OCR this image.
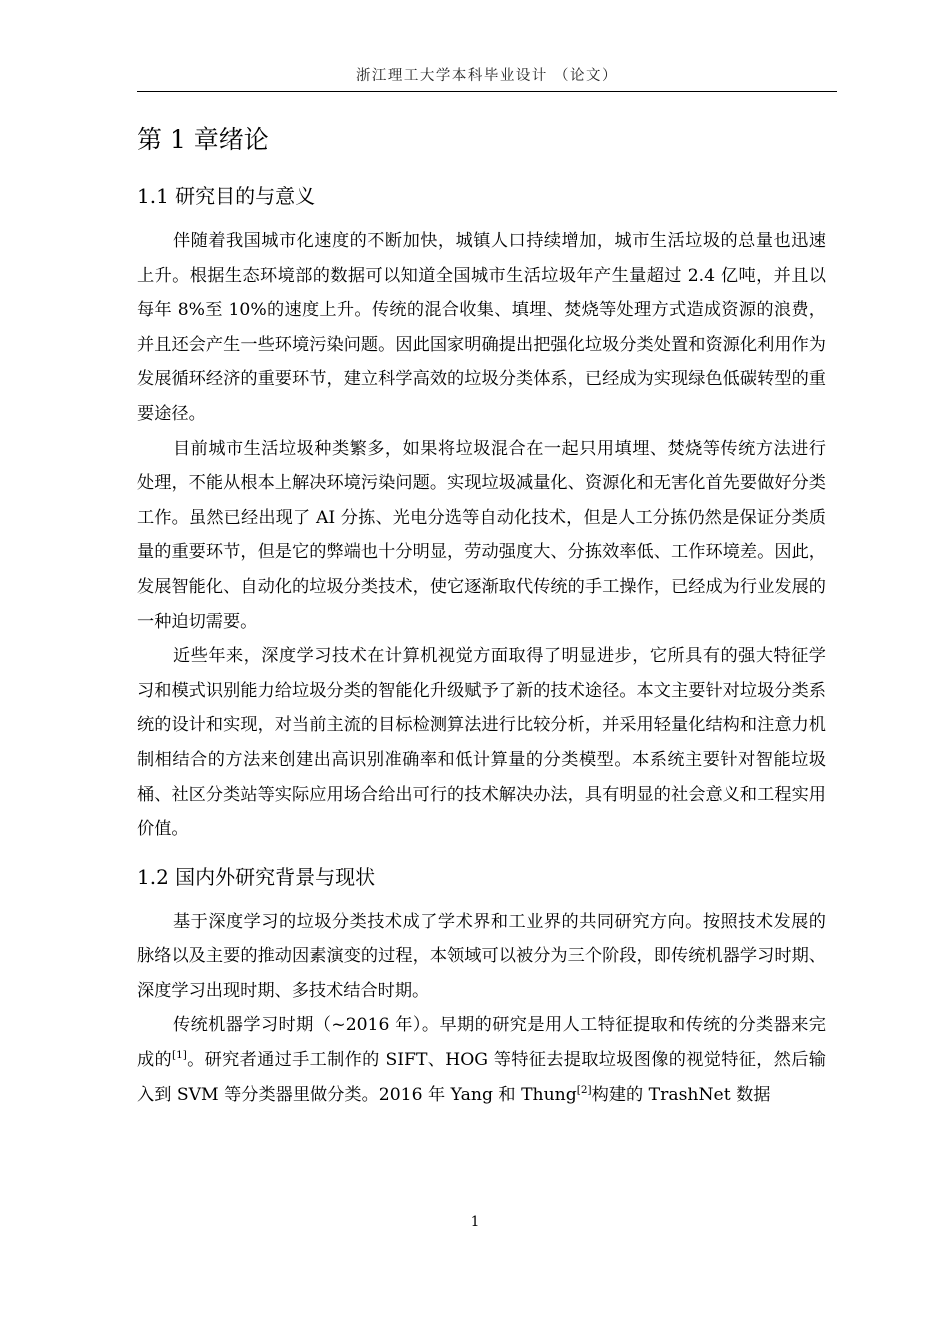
浙江理工大学本科毕业设计 （论文）
第 1 章绪论
1.1 研究目的与意义

伴随着我国城市化速度的不断加快，城镇人口持续增加，城市生活垃圾的总量也迅速上升。根据生态环境部的数据可以知道全国城市生活垃圾年产生量超过 2.4 亿吨，并且以每年 8%至 10%的速度上升。传统的混合收集、填埋、焚烧等处理方式造成资源的浪费，并且还会产生一些环境污染问题。因此国家明确提出把强化垃圾分类处置和资源化利用作为发展循环经济的重要环节，建立科学高效的垃圾分类体系，已经成为实现绿色低碳转型的重要途径。

目前城市生活垃圾种类繁多，如果将垃圾混合在一起只用填埋、焚烧等传统方法进行处理，不能从根本上解决环境污染问题。实现垃圾减量化、资源化和无害化首先要做好分类工作。虽然已经出现了 AI 分拣、光电分选等自动化技术，但是人工分拣仍然是保证分类质量的重要环节，但是它的弊端也十分明显，劳动强度大、分拣效率低、工作环境差。因此，发展智能化、自动化的垃圾分类技术，使它逐渐取代传统的手工操作，已经成为行业发展的一种迫切需要。

近些年来，深度学习技术在计算机视觉方面取得了明显进步，它所具有的强大特征学习和模式识别能力给垃圾分类的智能化升级赋予了新的技术途径。本文主要针对垃圾分类系统的设计和实现，对当前主流的目标检测算法进行比较分析，并采用轻量化结构和注意力机制相结合的方法来创建出高识别准确率和低计算量的分类模型。本系统主要针对智能垃圾桶、社区分类站等实际应用场合给出可行的技术解决办法，具有明显的社会意义和工程实用价值。

1.2 国内外研究背景与现状

基于深度学习的垃圾分类技术成了学术界和工业界的共同研究方向。按照技术发展的脉络以及主要的推动因素演变的过程，本领域可以被分为三个阶段，即传统机器学习时期、深度学习出现时期、多技术结合时期。

传统机器学习时期（~2016 年）。早期的研究是用人工特征提取和传统的分类器来完成的[1]。研究者通过手工制作的 SIFT、HOG 等特征去提取垃圾图像的视觉特征，然后输入到 SVM 等分类器里做分类。2016 年 Yang 和 Thung[2]构建的 TrashNet 数据

1
